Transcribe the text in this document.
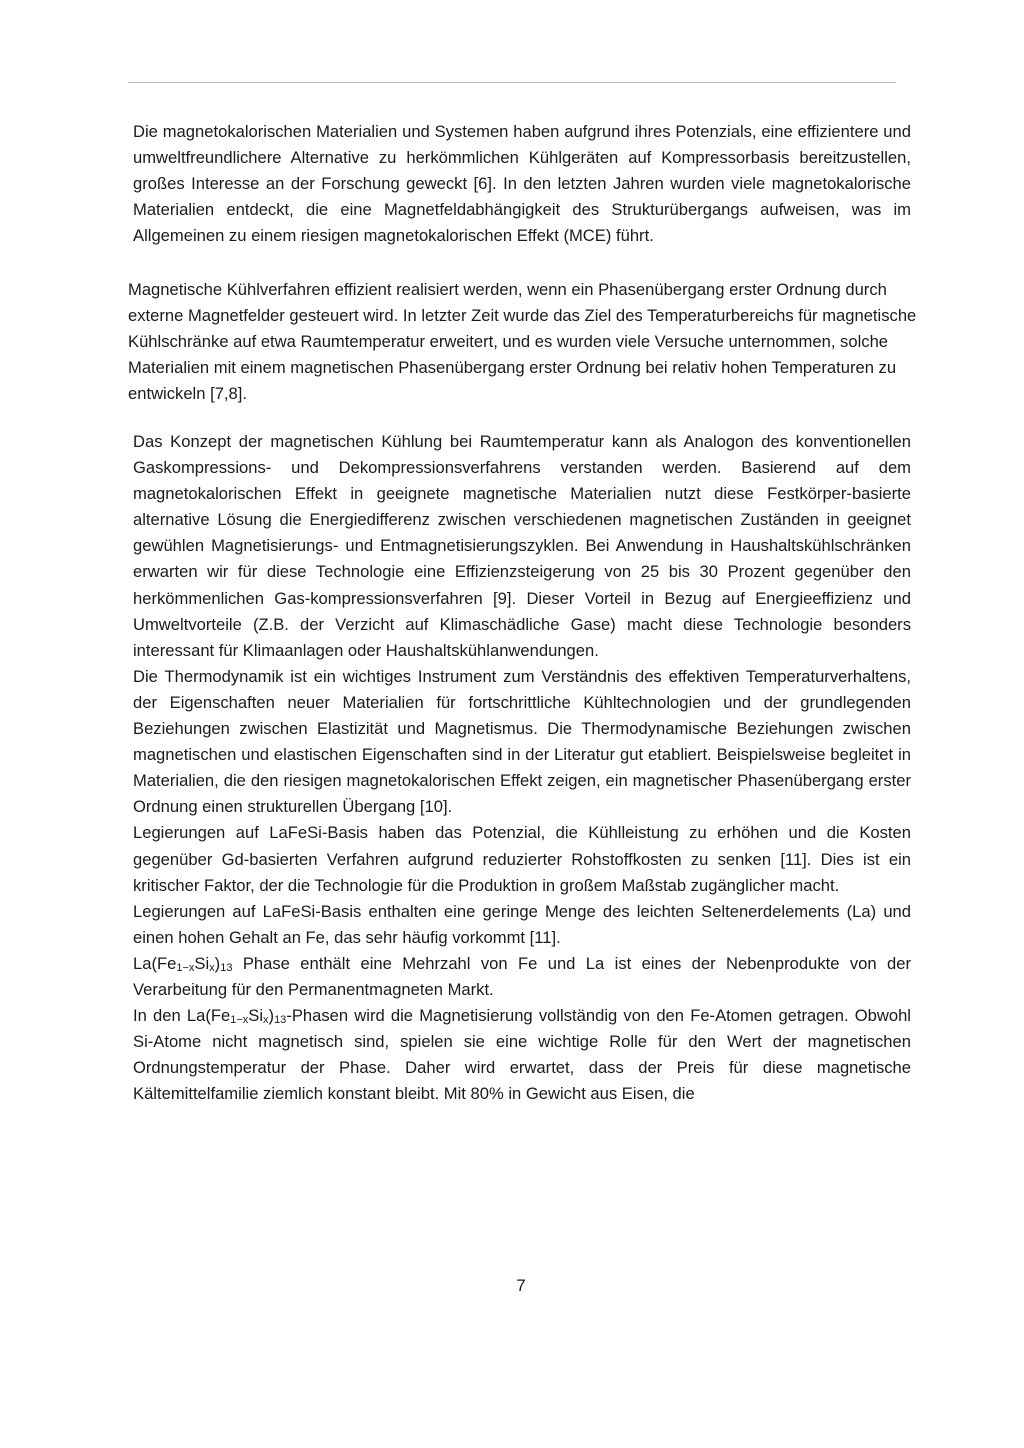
Die magnetokalorischen Materialien und Systemen haben aufgrund ihres Potenzials, eine effizientere und umweltfreundlichere Alternative zu herkömmlichen Kühlgeräten auf Kompressorbasis bereitzustellen, großes Interesse an der Forschung geweckt [6]. In den letzten Jahren wurden viele magnetokalorische Materialien entdeckt, die eine Magnetfeldabhängigkeit des Strukturübergangs aufweisen, was im Allgemeinen zu einem riesigen magnetokalorischen Effekt (MCE) führt.

Magnetische Kühlverfahren effizient realisiert werden, wenn ein Phasenübergang erster Ordnung durch externe Magnetfelder gesteuert wird. In letzter Zeit wurde das Ziel des Temperaturbereichs für magnetische Kühlschränke auf etwa Raumtemperatur erweitert, und es wurden viele Versuche unternommen, solche Materialien mit einem magnetischen Phasenübergang erster Ordnung bei relativ hohen Temperaturen zu entwickeln [7,8].

Das Konzept der magnetischen Kühlung bei Raumtemperatur kann als Analogon des konventionellen Gaskompressions- und Dekompressionsverfahrens verstanden werden. Basierend auf dem magnetokalorischen Effekt in geeignete magnetische Materialien nutzt diese Festkörper-basierte alternative Lösung die Energiedifferenz zwischen verschiedenen magnetischen Zuständen in geeignet gewühlen Magnetisierungs- und Entmagnetisierungszyklen. Bei Anwendung in Haushaltskühlschränken erwarten wir für diese Technologie eine Effizienzsteigerung von 25 bis 30 Prozent gegenüber den herkömmenlichen Gas-kompressionsverfahren [9]. Dieser Vorteil in Bezug auf Energieeffizienz und Umweltvorteile (Z.B. der Verzicht auf Klimaschädliche Gase) macht diese Technologie besonders interessant für Klimaanlagen oder Haushaltskühlanwendungen.
Die Thermodynamik ist ein wichtiges Instrument zum Verständnis des effektiven Temperaturverhaltens, der Eigenschaften neuer Materialien für fortschrittliche Kühltechnologien und der grundlegenden Beziehungen zwischen Elastizität und Magnetismus. Die Thermodynamische Beziehungen zwischen magnetischen und elastischen Eigenschaften sind in der Literatur gut etabliert. Beispielsweise begleitet in Materialien, die den riesigen magnetokalorischen Effekt zeigen, ein magnetischer Phasenübergang erster Ordnung einen strukturellen Übergang [10].
Legierungen auf LaFeSi-Basis haben das Potenzial, die Kühlleistung zu erhöhen und die Kosten gegenüber Gd-basierten Verfahren aufgrund reduzierter Rohstoffkosten zu senken [11]. Dies ist ein kritischer Faktor, der die Technologie für die Produktion in großem Maßstab zugänglicher macht.
Legierungen auf LaFeSi-Basis enthalten eine geringe Menge des leichten Seltenerdelements (La) und einen hohen Gehalt an Fe, das sehr häufig vorkommt [11].
La(Fe1−xSix)13 Phase enthält eine Mehrzahl von Fe und La ist eines der Nebenprodukte von der Verarbeitung für den Permanentmagneten Markt.
In den La(Fe1−xSix)13-Phasen wird die Magnetisierung vollständig von den Fe-Atomen getragen. Obwohl Si-Atome nicht magnetisch sind, spielen sie eine wichtige Rolle für den Wert der magnetischen Ordnungstemperatur der Phase. Daher wird erwartet, dass der Preis für diese magnetische Kältemittelfamilie ziemlich konstant bleibt. Mit 80% in Gewicht aus Eisen, die
7
